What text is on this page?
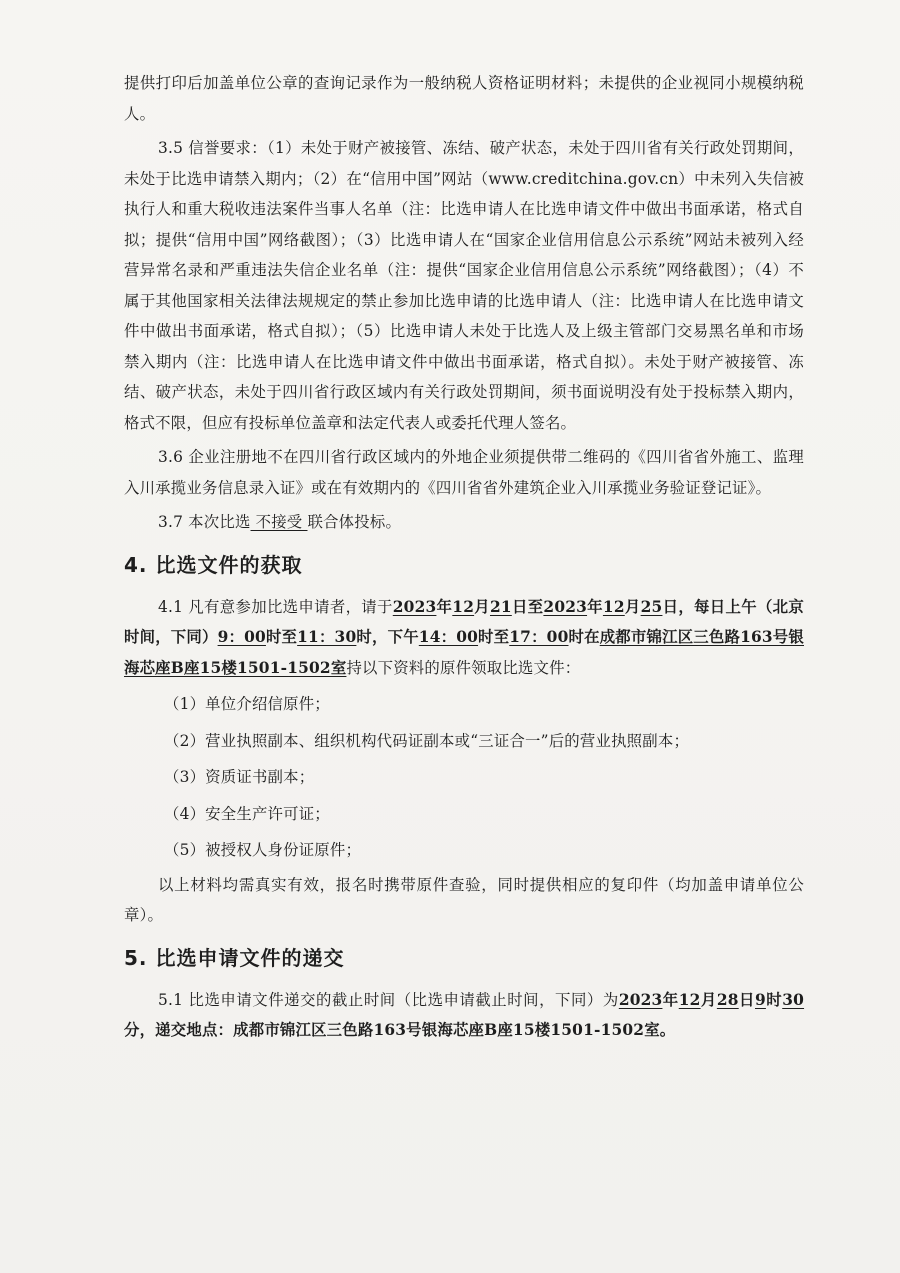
提供打印后加盖单位公章的查询记录作为一般纳税人资格证明材料；未提供的企业视同小规模纳税人。

3.5 信誉要求：（1）未处于财产被接管、冻结、破产状态，未处于四川省有关行政处罚期间，未处于比选申请禁入期内；（2）在“信用中国”网站（www.creditchina.gov.cn）中未列入失信被执行人和重大税收违法案件当事人名单（注：比选申请人在比选申请文件中做出书面承诺，格式自拟；提供“信用中国”网络截图）；（3）比选申请人在“国家企业信用信息公示系统”网站未被列入经营异常名录和严重违法失信企业名单（注：提供“国家企业信用信息公示系统”网络截图）；（4）不属于其他国家相关法律法规规定的禁止参加比选申请的比选申请人（注：比选申请人在比选申请文件中做出书面承诺，格式自拟）；（5）比选申请人未处于比选人及上级主管部门交易黑名单和市场禁入期内（注：比选申请人在比选申请文件中做出书面承诺，格式自拟）。未处于财产被接管、冻结、破产状态，未处于四川省行政区域内有关行政处罚期间，须书面说明没有处于投标禁入期内，格式不限，但应有投标单位盖章和法定代表人或委托代理人签名。

3.6 企业注册地不在四川省行政区域内的外地企业须提供带二维码的《四川省省外施工、监理入川承揽业务信息录入证》或在有效期内的《四川省省外建筑企业入川承揽业务验证登记证》。

3.7 本次比选 不接受 联合体投标。

4. 比选文件的获取

4.1 凡有意参加比选申请者，请于2023年12月21日至2023年12月25日，每日上午（北京时间，下同）9：00时至11：30时，下午14：00时至17：00时在成都市锦江区三色路163号银海芯座B座15楼1501-1502室持以下资料的原件领取比选文件：

（1）单位介绍信原件；

（2）营业执照副本、组织机构代码证副本或“三证合一”后的营业执照副本；

（3）资质证书副本；

（4）安全生产许可证；

（5）被授权人身份证原件；

以上材料均需真实有效，报名时携带原件查验，同时提供相应的复印件（均加盖申请单位公章）。

5. 比选申请文件的递交

5.1 比选申请文件递交的截止时间（比选申请截止时间，下同）为2023年12月28日9时30分，递交地点：成都市锦江区三色路163号银海芯座B座15楼1501-1502室。
